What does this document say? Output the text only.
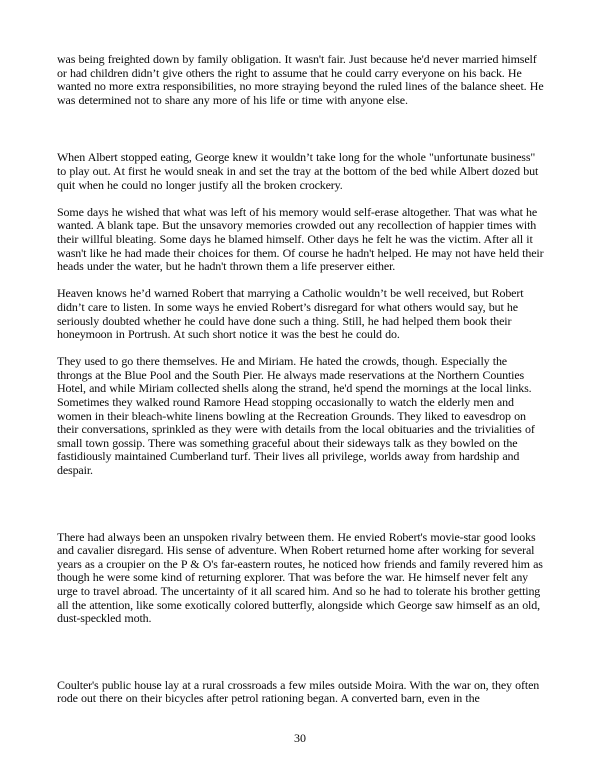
was being freighted down by family obligation. It wasn't fair. Just because he'd never married himself or had children didn’t give others the right to assume that he could carry everyone on his back. He wanted no more extra responsibilities, no more straying beyond the ruled lines of the balance sheet. He was determined not to share any more of his life or time with anyone else.

When Albert stopped eating, George knew it wouldn’t take long for the whole "unfortunate business" to play out. At first he would sneak in and set the tray at the bottom of the bed while Albert dozed but quit when he could no longer justify all the broken crockery.

Some days he wished that what was left of his memory would self-erase altogether. That was what he wanted. A blank tape. But the unsavory memories crowded out any recollection of happier times with their willful bleating. Some days he blamed himself. Other days he felt he was the victim. After all it wasn't like he had made their choices for them. Of course he hadn't helped. He may not have held their heads under the water, but he hadn't thrown them a life preserver either.

Heaven knows he’d warned Robert that marrying a Catholic wouldn’t be well received, but Robert didn’t care to listen. In some ways he envied Robert’s disregard for what others would say, but he seriously doubted whether he could have done such a thing. Still, he had helped them book their honeymoon in Portrush. At such short notice it was the best he could do.

They used to go there themselves. He and Miriam. He hated the crowds, though. Especially the throngs at the Blue Pool and the South Pier. He always made reservations at the Northern Counties Hotel, and while Miriam collected shells along the strand, he'd spend the mornings at the local links. Sometimes they walked round Ramore Head stopping occasionally to watch the elderly men and women in their bleach-white linens bowling at the Recreation Grounds. They liked to eavesdrop on their conversations, sprinkled as they were with details from the local obituaries and the trivialities of small town gossip. There was something graceful about their sideways talk as they bowled on the fastidiously maintained Cumberland turf. Their lives all privilege, worlds away from hardship and despair.

There had always been an unspoken rivalry between them. He envied Robert's movie-star good looks and cavalier disregard. His sense of adventure. When Robert returned home after working for several years as a croupier on the P & O's far-eastern routes, he noticed how friends and family revered him as though he were some kind of returning explorer. That was before the war. He himself never felt any urge to travel abroad. The uncertainty of it all scared him. And so he had to tolerate his brother getting all the attention, like some exotically colored butterfly, alongside which George saw himself as an old, dust-speckled moth.

Coulter's public house lay at a rural crossroads a few miles outside Moira. With the war on, they often rode out there on their bicycles after petrol rationing began. A converted barn, even in the

30
